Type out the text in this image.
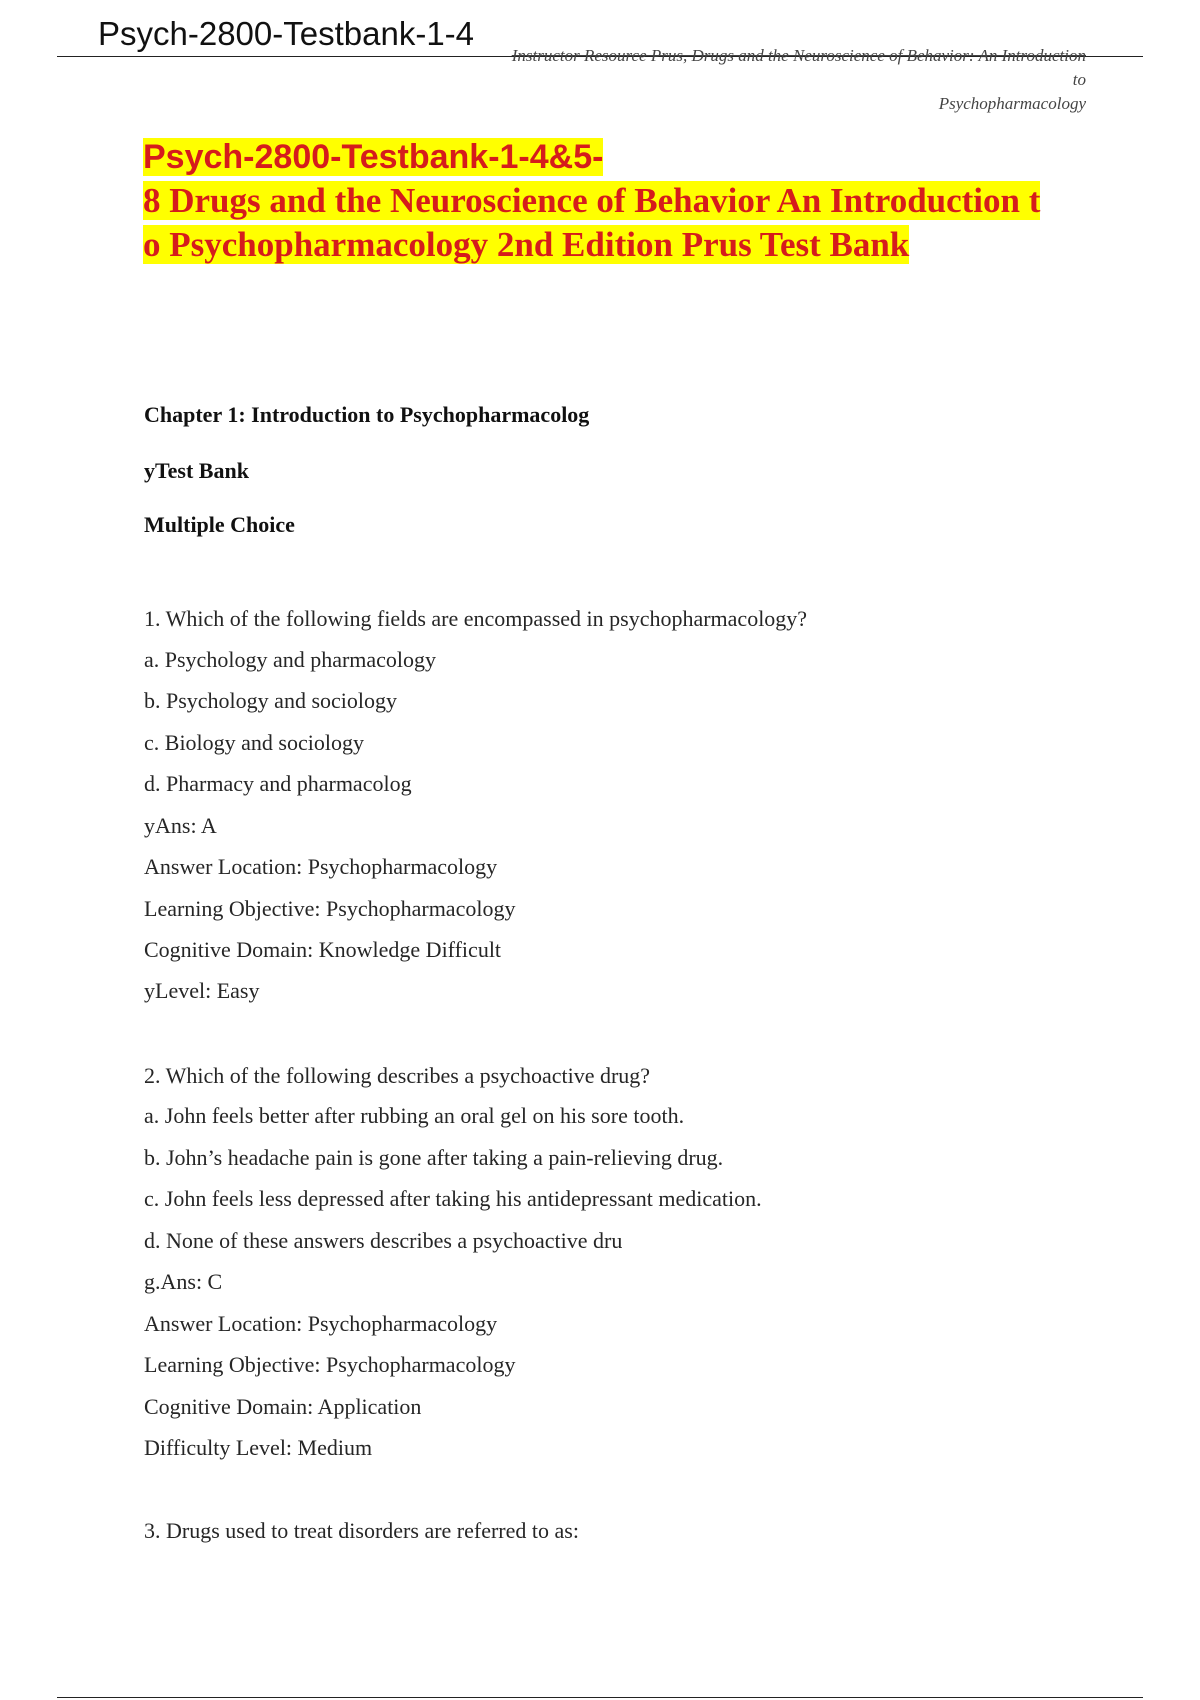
Psych-2800-Testbank-1-4
Instructor Resource Prus, Drugs and the Neuroscience of Behavior: An Introduction
to
Psychopharmacology
Psych-2800-Testbank-1-4&5-
8 Drugs and the Neuroscience of Behavior An Introduction t
o Psychopharmacology 2nd Edition Prus Test Bank
Chapter 1: Introduction to Psychopharmacolog
yTest Bank
Multiple Choice
1. Which of the following fields are encompassed in psychopharmacology?
a. Psychology and pharmacology
b. Psychology and sociology
c. Biology and sociology
d. Pharmacy and pharmacolog
yAns: A
Answer Location: Psychopharmacology
Learning Objective: Psychopharmacology
Cognitive Domain: Knowledge Difficult
yLevel: Easy
2. Which of the following describes a psychoactive drug?
a. John feels better after rubbing an oral gel on his sore tooth.
b. John’s headache pain is gone after taking a pain-relieving drug.
c. John feels less depressed after taking his antidepressant medication.
d. None of these answers describes a psychoactive dru
g.Ans: C
Answer Location: Psychopharmacology
Learning Objective: Psychopharmacology
Cognitive Domain: Application
Difficulty Level: Medium
3. Drugs used to treat disorders are referred to as:
